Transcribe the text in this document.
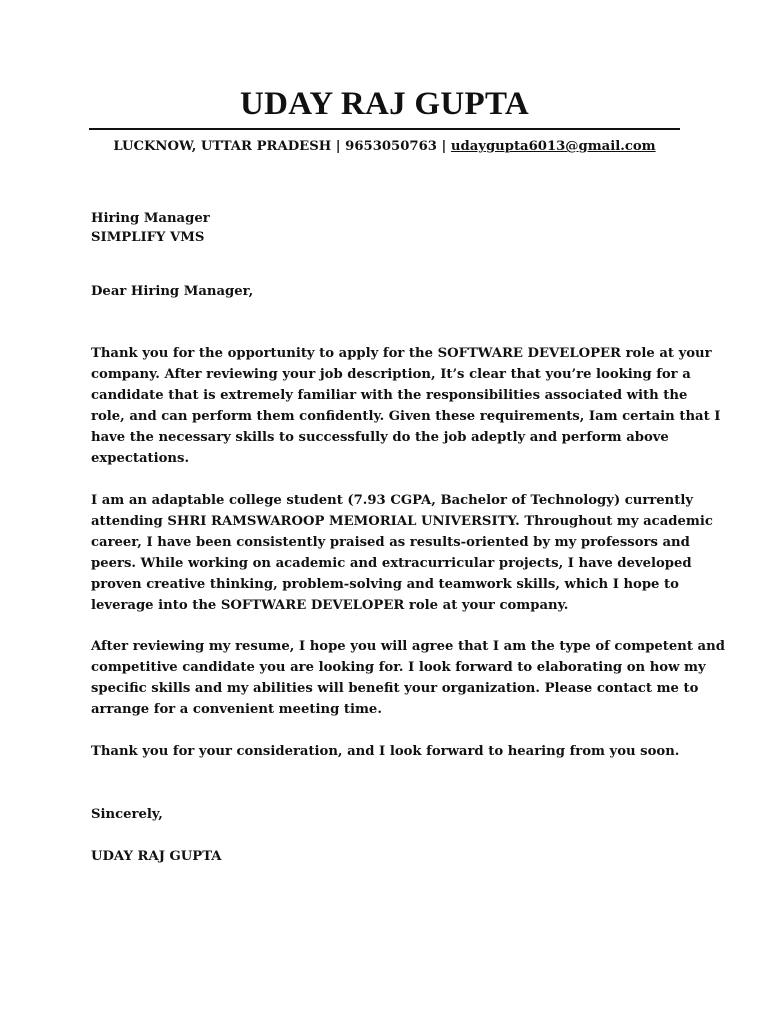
UDAY RAJ GUPTA
LUCKNOW, UTTAR PRADESH | 9653050763 | udaygupta6013@gmail.com
Hiring Manager
SIMPLIFY VMS
Dear Hiring Manager,
Thank you for the opportunity to apply for the SOFTWARE DEVELOPER role at your
company. After reviewing your job description, It’s clear that you’re looking for a
candidate that is extremely familiar with the responsibilities associated with the
role, and can perform them confidently. Given these requirements, Iam certain that I
have the necessary skills to successfully do the job adeptly and perform above
expectations.
I am an adaptable college student (7.93 CGPA, Bachelor of Technology) currently
attending SHRI RAMSWAROOP MEMORIAL UNIVERSITY. Throughout my academic
career, I have been consistently praised as results-oriented by my professors and
peers. While working on academic and extracurricular projects, I have developed
proven creative thinking, problem-solving and teamwork skills, which I hope to
leverage into the SOFTWARE DEVELOPER role at your company.
After reviewing my resume, I hope you will agree that I am the type of competent and
competitive candidate you are looking for. I look forward to elaborating on how my
specific skills and my abilities will benefit your organization. Please contact me to
arrange for a convenient meeting time.
Thank you for your consideration, and I look forward to hearing from you soon.
Sincerely,
UDAY RAJ GUPTA
